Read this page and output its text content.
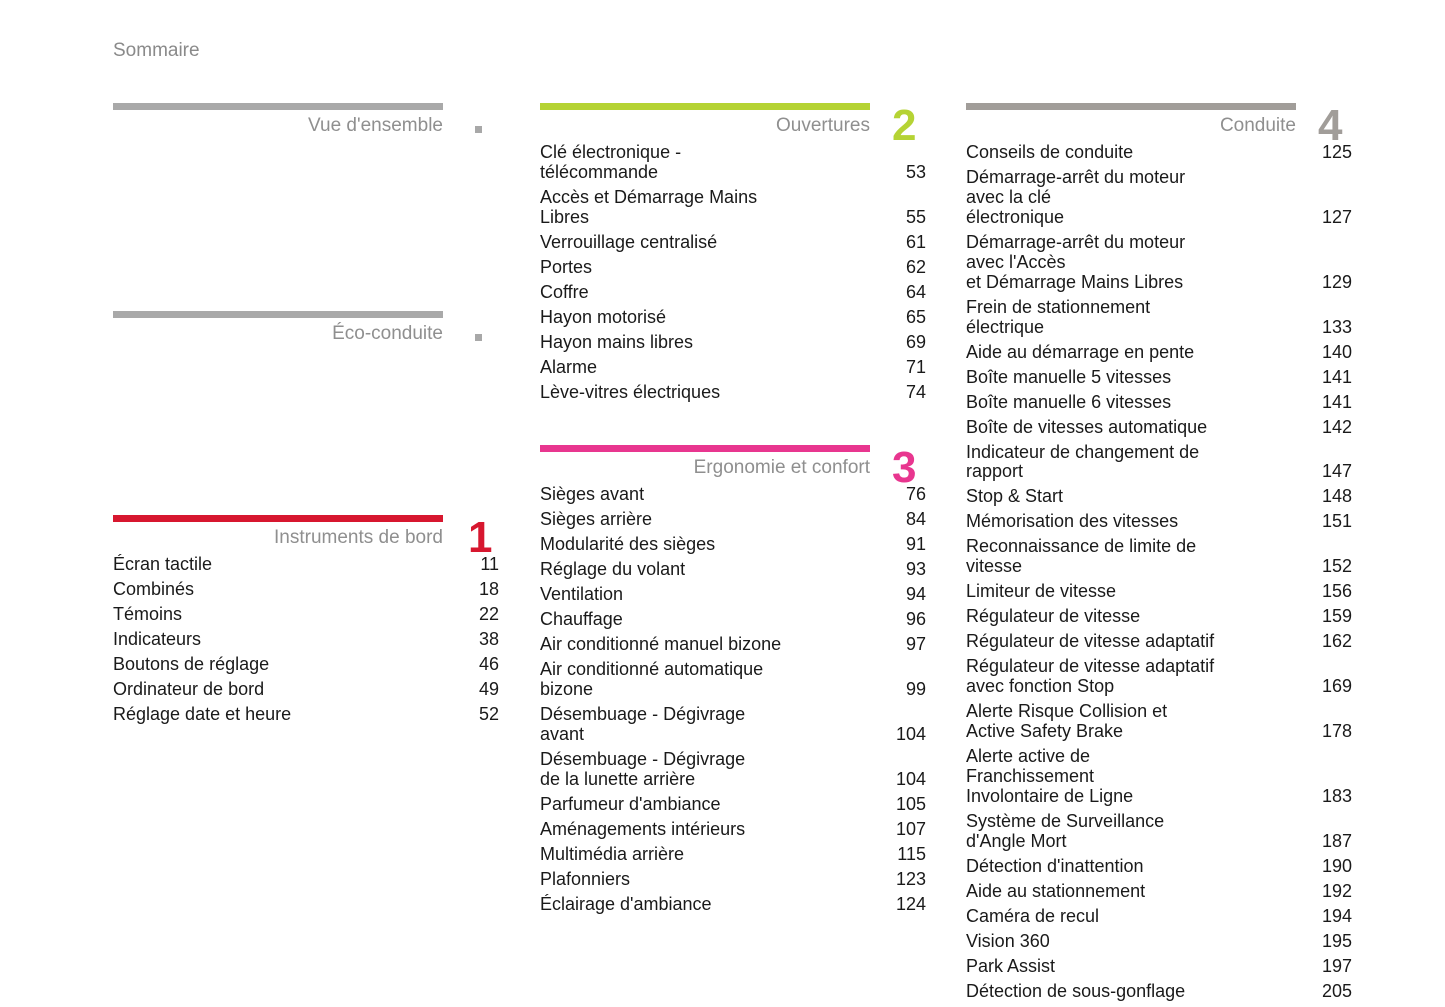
Sommaire
Vue d'ensemble
Éco-conduite
Instruments de bord 1
Écran tactile	11
Combinés	18
Témoins	22
Indicateurs	38
Boutons de réglage	46
Ordinateur de bord	49
Réglage date et heure	52
Ouvertures 2
Clé électronique - télécommande	53
Accès et Démarrage Mains Libres	55
Verrouillage centralisé	61
Portes	62
Coffre	64
Hayon motorisé	65
Hayon mains libres	69
Alarme	71
Lève-vitres électriques	74
Ergonomie et confort 3
Sièges avant	76
Sièges arrière	84
Modularité des sièges	91
Réglage du volant	93
Ventilation	94
Chauffage	96
Air conditionné manuel bizone	97
Air conditionné automatique bizone	99
Désembuage - Dégivrage avant	104
Désembuage - Dégivrage
de la lunette arrière	104
Parfumeur d'ambiance	105
Aménagements intérieurs	107
Multimédia arrière	115
Plafonniers	123
Éclairage d'ambiance	124
Conduite 4
Conseils de conduite	125
Démarrage-arrêt du moteur avec la clé
électronique	127
Démarrage-arrêt du moteur avec l'Accès
et Démarrage Mains Libres	129
Frein de stationnement électrique	133
Aide au démarrage en pente	140
Boîte manuelle 5 vitesses	141
Boîte manuelle 6 vitesses	141
Boîte de vitesses automatique	142
Indicateur de changement de rapport	147
Stop & Start	148
Mémorisation des vitesses	151
Reconnaissance de limite de vitesse	152
Limiteur de vitesse	156
Régulateur de vitesse	159
Régulateur de vitesse adaptatif	162
Régulateur de vitesse adaptatif
avec fonction Stop	169
Alerte Risque Collision et
Active Safety Brake	178
Alerte active de Franchissement
Involontaire de Ligne	183
Système de Surveillance d'Angle Mort	187
Détection d'inattention	190
Aide au stationnement	192
Caméra de recul	194
Vision 360	195
Park Assist	197
Détection de sous-gonflage	205
